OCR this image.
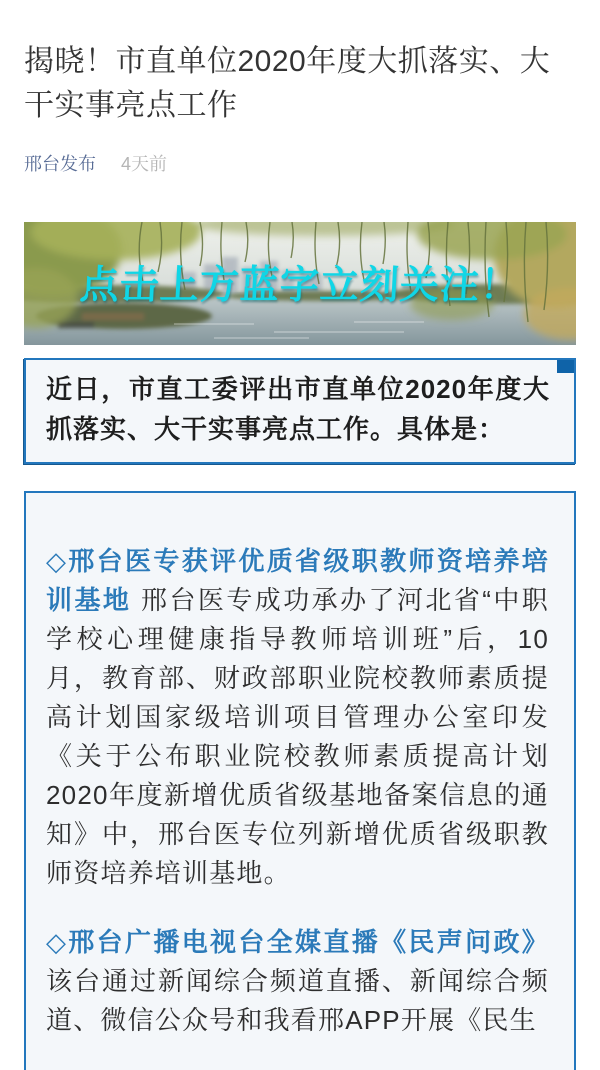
揭晓！市直单位2020年度大抓落实、大干实事亮点工作
邢台发布 4天前
点击上方蓝字立刻关注！

近日，市直工委评出市直单位2020年度大抓落实、大干实事亮点工作。具体是：

◇邢台医专获评优质省级职教师资培养培训基地 邢台医专成功承办了河北省“中职学校心理健康指导教师培训班”后，10月，教育部、财政部职业院校教师素质提高计划国家级培训项目管理办公室印发《关于公布职业院校教师素质提高计划2020年度新增优质省级基地备案信息的通知》中，邢台医专位列新增优质省级职教师资培养培训基地。

◇邢台广播电视台全媒直播《民声问政》 该台通过新闻综合频道直播、新闻综合频道、微信公众号和我看邢APP开展《民生
